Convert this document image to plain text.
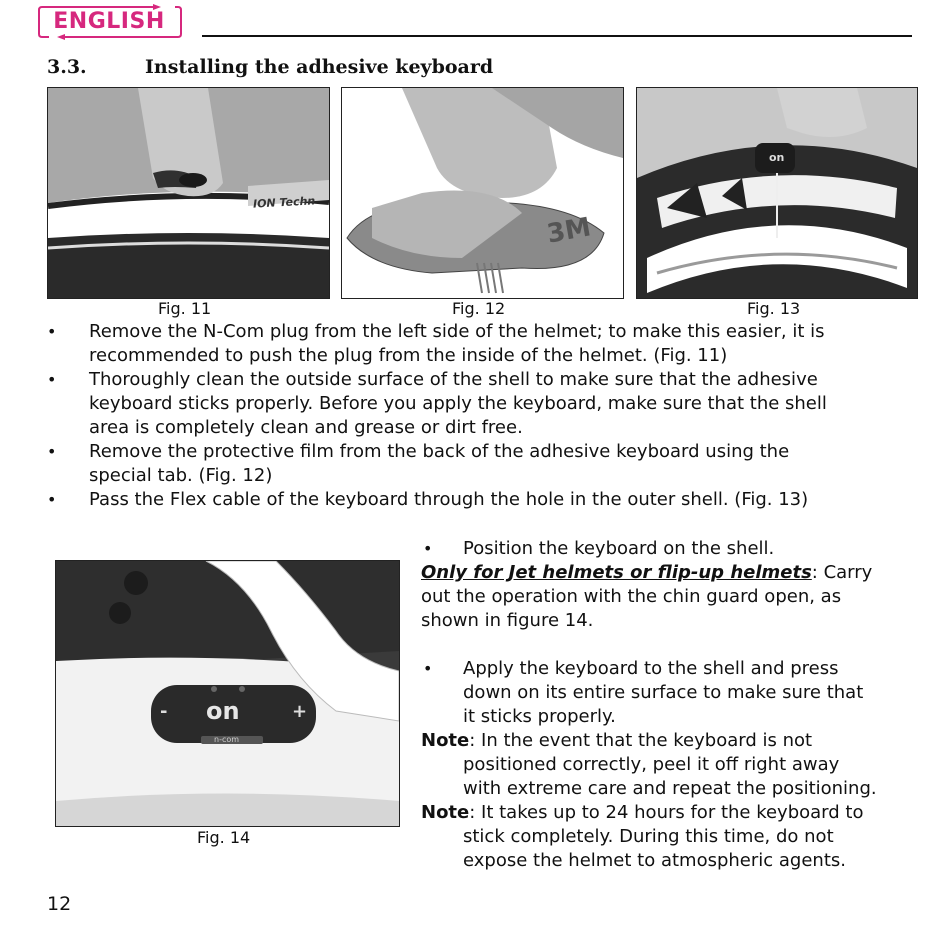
ENGLISH
3.3.	Installing the adhesive keyboard
ION Techn
Fig. 11
3M
Fig. 12
on
Fig. 13
• Remove the N-Com plug from the left side of the helmet; to make this easier, it is
recommended to push the plug from the inside of the helmet. (Fig. 11)
• Thoroughly clean the outside surface of the shell to make sure that the adhesive
keyboard sticks properly. Before you apply the keyboard, make sure that the shell
area is completely clean and grease or dirt free.
• Remove the protective film from the back of the adhesive keyboard using the
special tab. (Fig. 12)
• Pass the Flex cable of the keyboard through the hole in the outer shell. (Fig. 13)
- on	+
n-com
Fig. 14
• Position the keyboard on the shell.
Only for Jet helmets or flip-up helmets: Carry
out the operation with the chin guard open, as
shown in figure 14.
• Apply the keyboard to the shell and press
down on its entire surface to make sure that
it sticks properly.
Note: In the event that the keyboard is not
positioned correctly, peel it off right away
with extreme care and repeat the positioning.
Note: It takes up to 24 hours for the keyboard to
stick completely. During this time, do not
expose the helmet to atmospheric agents.
12
